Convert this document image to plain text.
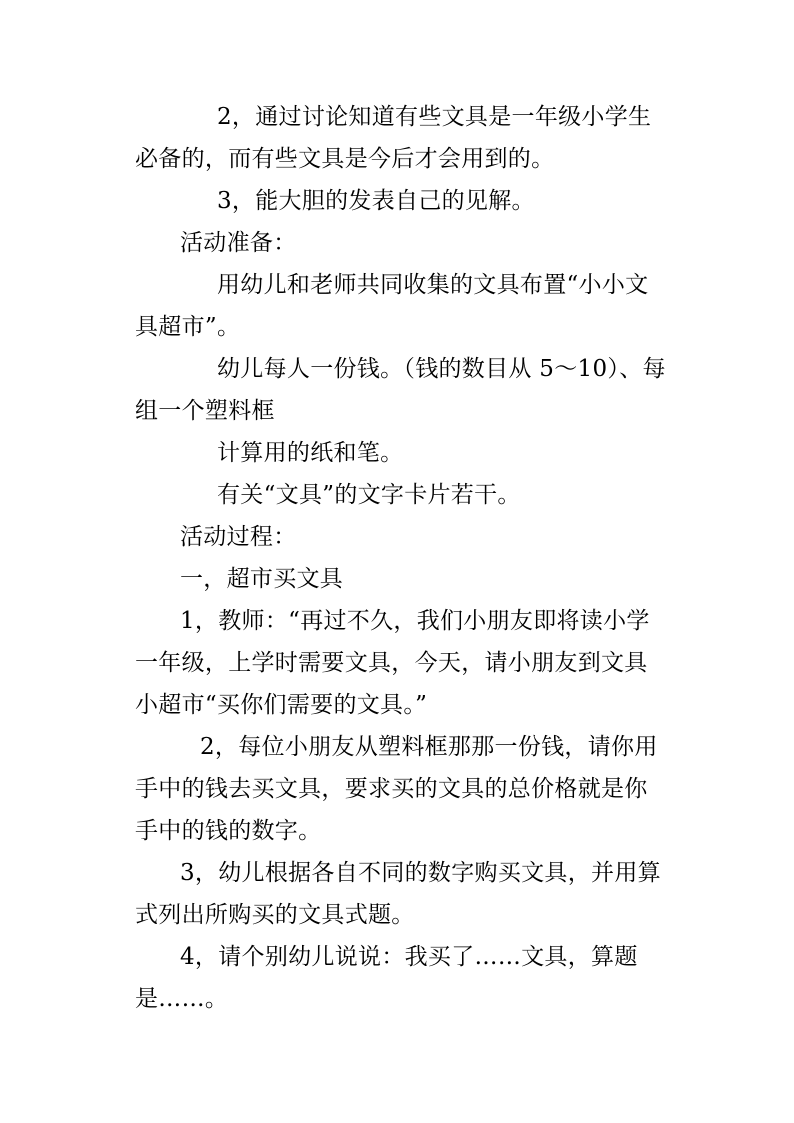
2，通过讨论知道有些文具是一年级小学生
必备的，而有些文具是今后才会用到的。
3，能大胆的发表自己的见解。
活动准备：
用幼儿和老师共同收集的文具布置“小小文
具超市”。
幼儿每人一份钱。（钱的数目从 5～10）、每
组一个塑料框
计算用的纸和笔。
有关“文具”的文字卡片若干。
活动过程：
一，超市买文具
1，教师：“再过不久，我们小朋友即将读小学
一年级，上学时需要文具，今天，请小朋友到文具
小超市“买你们需要的文具。”
2，每位小朋友从塑料框那那一份钱，请你用
手中的钱去买文具，要求买的文具的总价格就是你
手中的钱的数字。
3，幼儿根据各自不同的数字购买文具，并用算
式列出所购买的文具式题。
4，请个别幼儿说说：我买了……文具，算题
是……。
